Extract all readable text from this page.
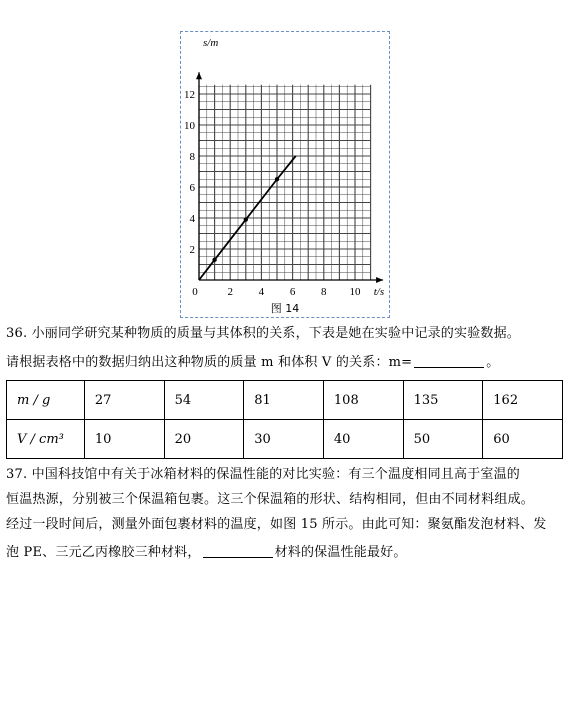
2
4
6
8
10
12
0	2 4 6 8 10
s/m
t/s
图 14
36. 小丽同学研究某种物质的质量与其体积的关系，下表是她在实验中记录的实验数据。
请根据表格中的数据归纳出这种物质的质量 m 和体积 V 的关系：m=	。
m / g	27	54	81	108	135	162
V / cm³	10	20	30	40	50	60
37. 中国科技馆中有关于冰箱材料的保温性能的对比实验：有三个温度相同且高于室温的
恒温热源，分别被三个保温箱包裹。这三个保温箱的形状、结构相同，但由不同材料组成。
经过一段时间后，测量外面包裹材料的温度，如图 15 所示。由此可知：聚氨酯发泡材料、发
泡 PE、三元乙丙橡胶三种材料，	材料的保温性能最好。
